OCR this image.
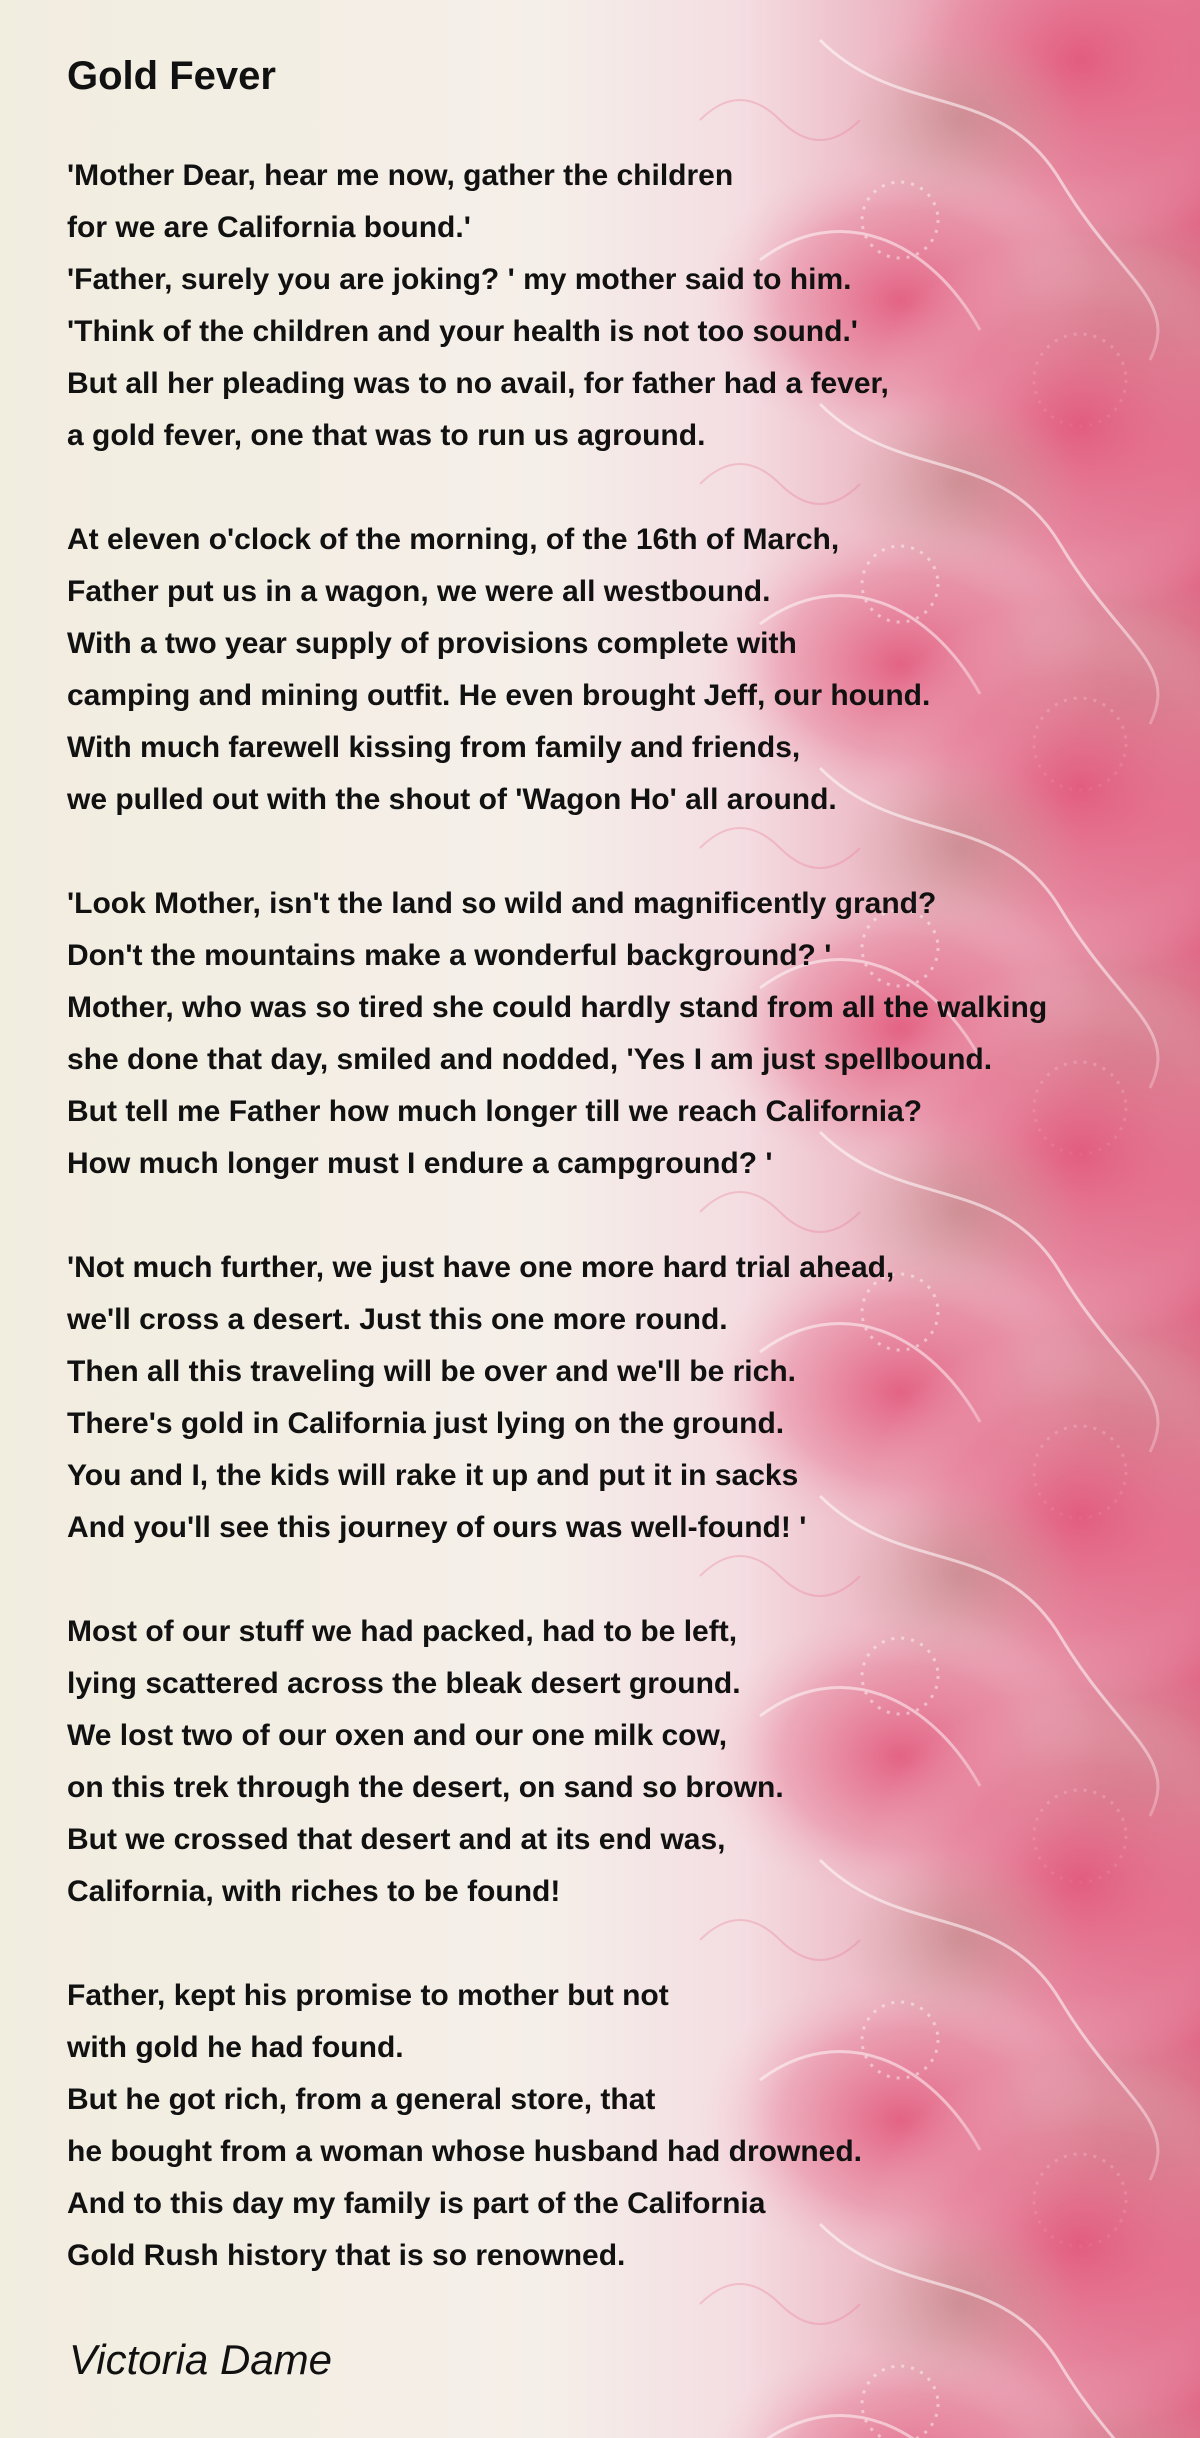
Gold Fever
'Mother Dear, hear me now, gather the children
for we are California bound.'
'Father, surely you are joking? ' my mother said to him.
'Think of the children and your health is not too sound.'
But all her pleading was to no avail, for father had a fever,
a gold fever, one that was to run us aground.
At eleven o'clock of the morning, of the 16th of March,
Father put us in a wagon, we were all westbound.
With a two year supply of provisions complete with
camping and mining outfit. He even brought Jeff, our hound.
With much farewell kissing from family and friends,
we pulled out with the shout of 'Wagon Ho' all around.
'Look Mother, isn't the land so wild and magnificently grand?
Don't the mountains make a wonderful background? '
Mother, who was so tired she could hardly stand from all the walking
she done that day, smiled and nodded, 'Yes I am just spellbound.
But tell me Father how much longer till we reach California?
How much longer must I endure a campground? '
'Not much further, we just have one more hard trial ahead,
we'll cross a desert. Just this one more round.
Then all this traveling will be over and we'll be rich.
There's gold in California just lying on the ground.
You and I, the kids will rake it up and put it in sacks
And you'll see this journey of ours was well-found! '
Most of our stuff we had packed, had to be left,
lying scattered across the bleak desert ground.
We lost two of our oxen and our one milk cow,
on this trek through the desert, on sand so brown.
But we crossed that desert and at its end was,
California, with riches to be found!
Father, kept his promise to mother but not
with gold he had found.
But he got rich, from a general store, that
he bought from a woman whose husband had drowned.
And to this day my family is part of the California
Gold Rush history that is so renowned.
Victoria Dame
